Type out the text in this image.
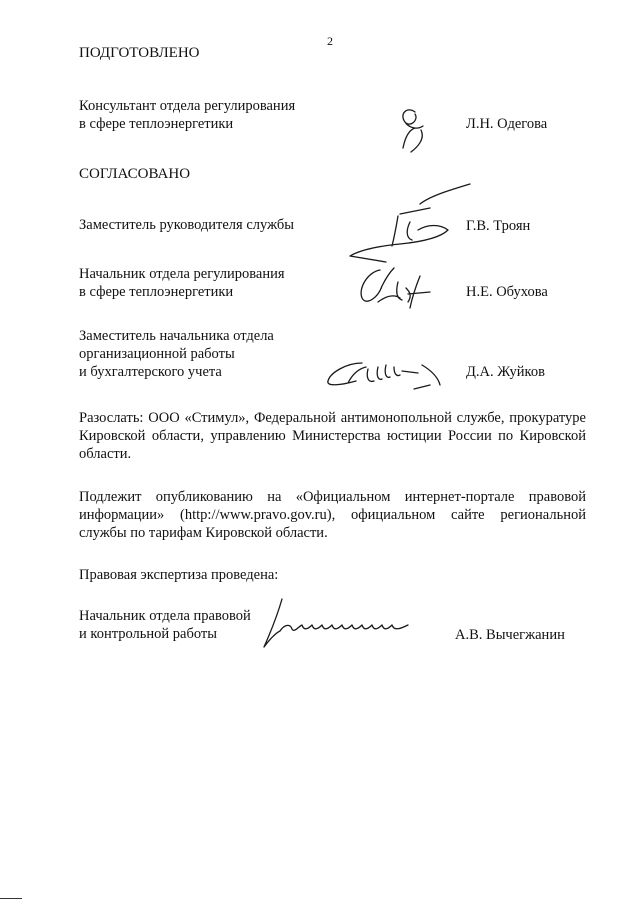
2
ПОДГОТОВЛЕНО
Консультант отдела регулирования
в сфере теплоэнергетики	Л.Н. Одегова
СОГЛАСОВАНО
Заместитель руководителя службы	Г.В. Троян
Начальник отдела регулирования
в сфере теплоэнергетики	Н.Е. Обухова
Заместитель начальника отдела
организационной работы
и бухгалтерского учета	Д.А. Жуйков
Разослать: ООО «Стимул», Федеральной антимонопольной службе, прокуратуре Кировской области, управлению Министерства юстиции России по Кировской области.
Подлежит опубликованию на «Официальном интернет-портале правовой информации» (http://www.pravo.gov.ru), официальном сайте региональной службы по тарифам Кировской области.
Правовая экспертиза проведена:
Начальник отдела правовой
и контрольной работы	А.В. Вычегжанин
